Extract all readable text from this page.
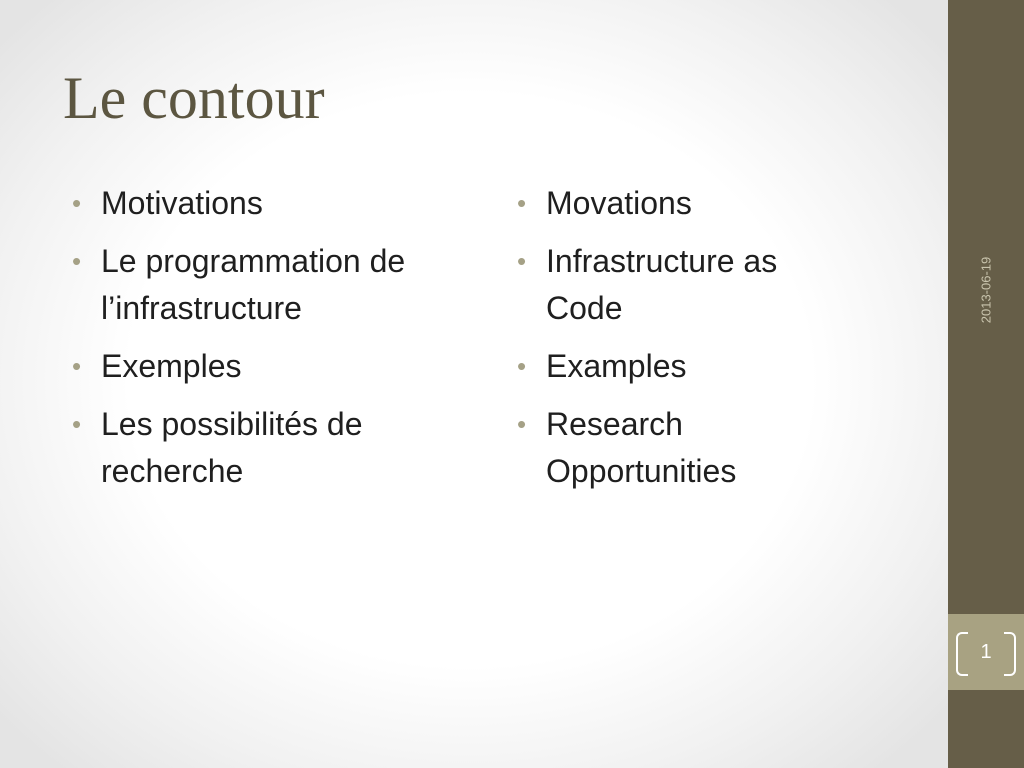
Le contour
• Motivations
• Le programmation de
l’infrastructure
• Exemples
• Les possibilités de
recherche
• Movations
• Infrastructure as
Code
• Examples
• Research
Opportunities
2013-06-19
1
